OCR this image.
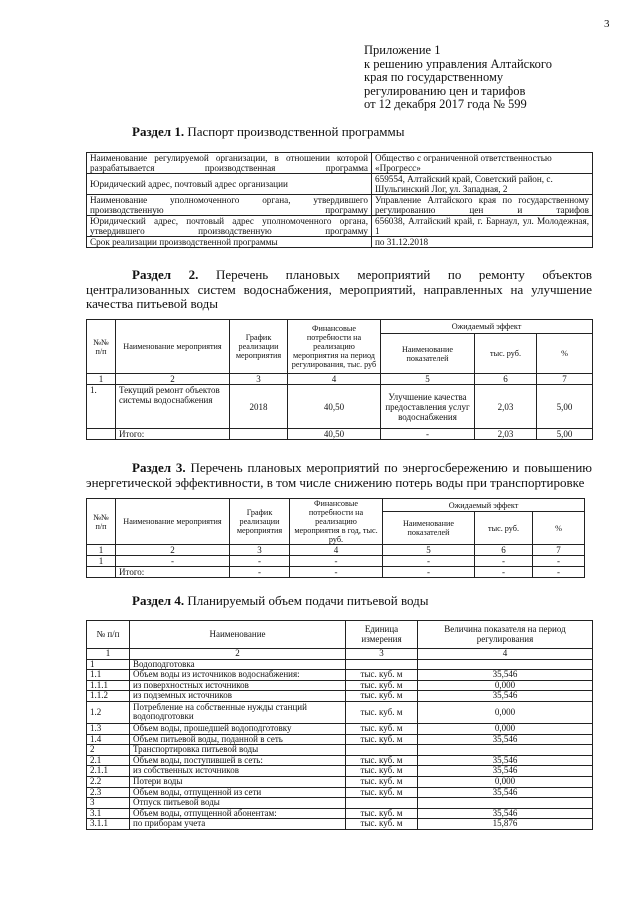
3
Приложение 1
к решению управления Алтайского
края по государственному
регулированию цен и тарифов
от 12 декабря 2017 года № 599
Раздел 1. Паспорт производственной программы
Наименование регулируемой организации, в отношении которой разрабатывается производственная программа	Общество с ограниченной ответственностью «Прогресс»
Юридический адрес, почтовый адрес организации	659554, Алтайский край, Советский район, с. Шульгинский Лог, ул. Западная, 2
Наименование уполномоченного органа, утвердившего производственную программу	Управление Алтайского края по государственному регулированию цен и тарифов
Юридический адрес, почтовый адрес уполномоченного органа, утвердившего производственную программу	656038, Алтайский край, г. Барнаул, ул. Молодежная, 1
Срок реализации производственной программы	по 31.12.2018
Раздел 2. Перечень плановых мероприятий по ремонту объектов централизованных систем водоснабжения, мероприятий, направленных на улучшение качества питьевой воды
№№ п/п	Наименование мероприятия	График реализации мероприятия	Финансовые потребности на реализацию мероприятия на период регулирования, тыс. руб	Ожидаемый эффект		
				Наименование показателей	тыс. руб.	%
1	2	3	4	5	6	7
1.	Текущий ремонт объектов системы водоснабжения	2018	40,50	Улучшение качества предоставления услуг водоснабжения	2,03	5,00
	Итого:		40,50	-	2,03	5,00
Раздел 3. Перечень плановых мероприятий по энергосбережению и повышению энергетической эффективности, в том числе снижению потерь воды при транспортировке
№№ п/п	Наименование мероприятия	График реализации мероприятия	Финансовые потребности на реализацию мероприятия в год, тыс. руб.	Ожидаемый эффект		
				Наименование показателей	тыс. руб.	%
1	2	3	4	5	6	7
1	-	-	-	-	-	-
	Итого:	-	-	-	-	-
Раздел 4. Планируемый объем подачи питьевой воды
№ п/п	Наименование	Единица измерения	Величина показателя на период регулирования
1	2	3	4
1	Водоподготовка		
1.1	Объем воды из источников водоснабжения:	тыс. куб. м	35,546
1.1.1	из поверхностных источников	тыс. куб. м	0,000
1.1.2	из подземных источников	тыс. куб. м	35,546
1.2	Потребление на собственные нужды станций водоподготовки	тыс. куб. м	0,000
1.3	Объем воды, прошедшей водоподготовку	тыс. куб. м	0,000
1.4	Объем питьевой воды, поданной в сеть	тыс. куб. м	35,546
2	Транспортировка питьевой воды		
2.1	Объем воды, поступившей в сеть:	тыс. куб. м	35,546
2.1.1	из собственных источников	тыс. куб. м	35,546
2.2	Потери воды	тыс. куб. м	0,000
2.3	Объем воды, отпущенной из сети	тыс. куб. м	35,546
3	Отпуск питьевой воды		
3.1	Объем воды, отпущенной абонентам:	тыс. куб. м	35,546
3.1.1	по приборам учета	тыс. куб. м	15,876
